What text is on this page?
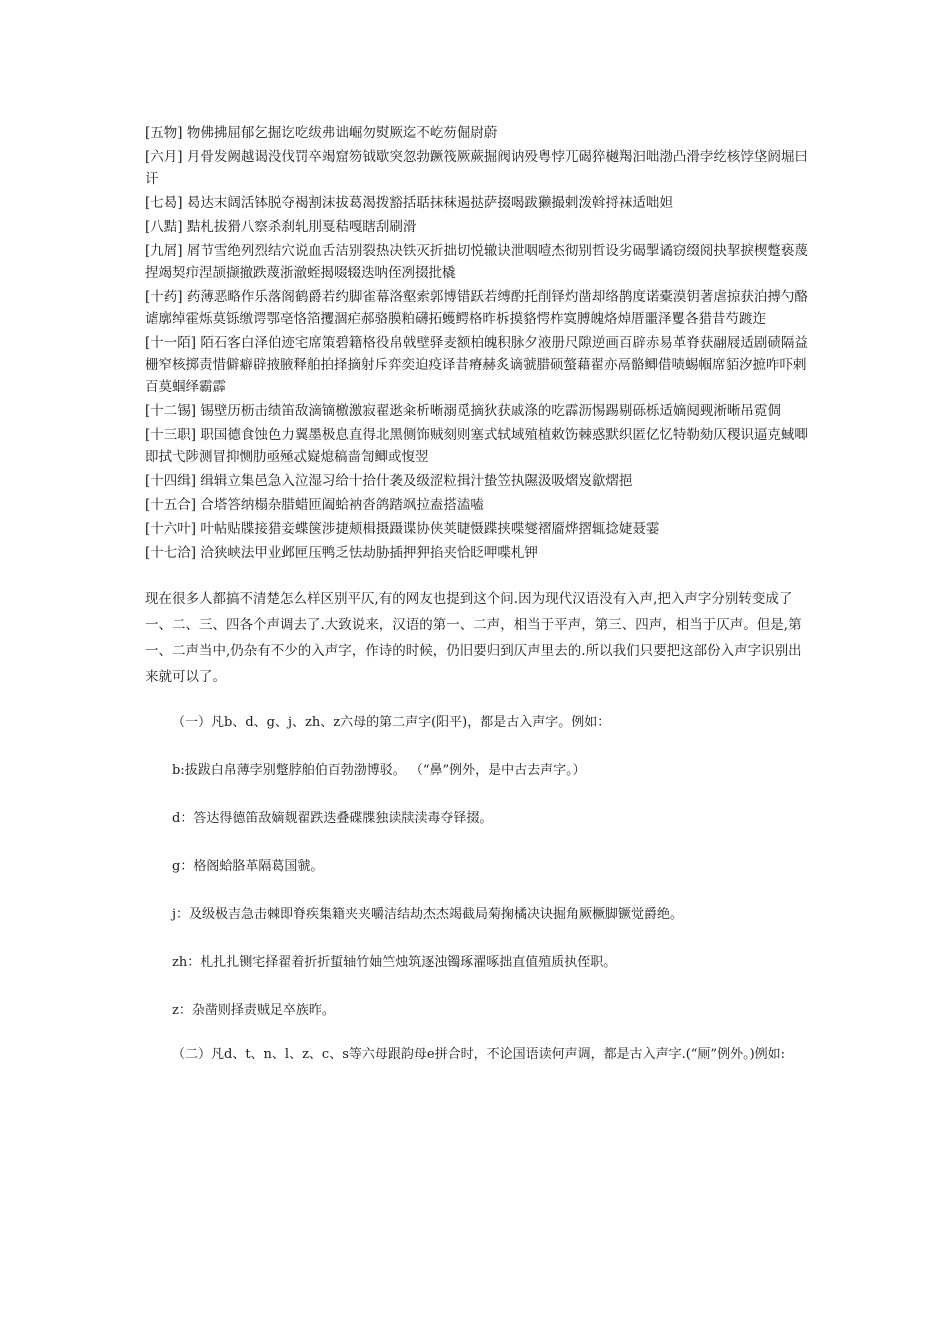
[五物] 物佛拂屈郁乞掘讫吃绂弗诎崛勿熨厥迄不屹芴倔尉蔚

[六月] 月骨发阙越谒没伐罚卒竭窟笏钺歇突忽勃蹶筏厥蕨掘阀讷殁粤悖兀碣猝樾羯汩咄渤凸滑孛纥核饽垡阏堀曰讦

[七曷] 曷达末阔活钵脱夺褐割沫拔葛渴拨豁括聒抹秣遏挞萨掇喝跋獭撮剌泼斡捋袜适咄妲

[八黠] 黠札拔猾八察杀刹轧刖戛秸嘎瞎刮刷滑

[九屑] 屑节雪绝列烈结穴说血舌洁别裂热决铁灭折拙切悦辙诀泄咽噎杰彻别哲设劣碣掣谲窃缀阅抉挈捩楔蹩亵蔑捏竭契疖涅颉撷撤跌蔑浙澈蛭揭啜辍迭呐侄冽掇批橇

[十药] 药薄恶略作乐落阁鹤爵若约脚雀幕洛壑索郭博错跃若缚酌托削铎灼凿却络鹊度诺橐漠钥著虐掠获泊搏勺酪谑廓绰霍烁莫铄缴谔鄂亳恪箔攫涸疟郝骆膜粕礴拓蠖鳄格昨柝摸貉愕柞寞膊魄烙焯厝噩泽矍各猎昔芍踱迮

[十一陌] 陌石客白泽伯迹宅席策碧籍格役帛戟壁驿麦额柏魄积脉夕液册尺隙逆画百辟赤易革脊获翮屐适剧碛隔益栅窄核掷责惜僻癖辟掖腋释舶拍择摘射斥弈奕迫疫译昔瘠赫炙谪虢腊硕螫藉翟亦鬲骼鲫借啧蜴帼席貊汐摭咋吓剌百莫蝈绎霸霹

[十二锡] 锡壁历枥击绩笛敌滴镝檄激寂翟逖籴析晰溺觅摘狄获戚涤的吃霹沥惕踢剔砾栎适嫡阋觋淅晰吊霓倜

[十三职] 职国德食蚀色力翼墨极息直得北黑侧饰贼刻则塞式轼域殖植敕饬棘惑默织匿亿忆特勒劾仄稷识逼克蜮唧即拭弋陟测冒抑恻肋亟殛忒嶷熄稿啬訇鲫或愎翌

[十四缉] 缉辑立集邑急入泣湿习给十拾什袭及级涩粒揖汁蛰笠执隰汲吸熠岌歙熠挹

[十五合] 合塔答纳榻杂腊蜡匝阖蛤衲沓鸽踏飒拉盍搭溘嗑

[十六叶] 叶帖贴牒接猎妾蝶箧涉捷颊楫摄蹑谍协侠荚睫慑蹀挟喋燮褶靥烨摺辄捻婕聂霎

[十七洽] 洽狭峡法甲业邺匣压鸭乏怯劫胁插押狎掐夹恰眨呷喋札钾

现在很多人都搞不清楚怎么样区别平仄,有的网友也提到这个问.因为现代汉语没有入声,把入声字分别转变成了一、二、三、四各个声调去了.大致说来，汉语的第一、二声，相当于平声，第三、四声，相当于仄声。但是,第一、二声当中,仍杂有不少的入声字，作诗的时候，仍旧要归到仄声里去的.所以我们只要把这部份入声字识别出来就可以了。

（一）凡b、d、g、j、zh、z六母的第二声字(阳平)，都是古入声字。例如：

b:拔跋白帛薄孛别蹩脖舶伯百勃渤博驳。 （“鼻”例外，是中古去声字。）

d：答达得德笛敌嫡觌翟跌迭叠碟牒独读牍渎毒夺铎掇。

g：格阁蛤胳革隔葛国虢。

j：及级极吉急击棘即脊疾集籍夹夹嚼洁结劫杰杰竭截局菊掬橘决诀掘角厥橛脚镢觉爵绝。

zh：札扎扎铡宅择翟着折折蜇轴竹妯竺烛筑逐浊镯琢濯啄拙直值殖质执侄职。

z：杂凿则择责贼足卒族昨。

（二）凡d、t、n、l、z、c、s等六母跟韵母e拼合时，不论国语读何声调，都是古入声字.(“厕”例外。)例如:
